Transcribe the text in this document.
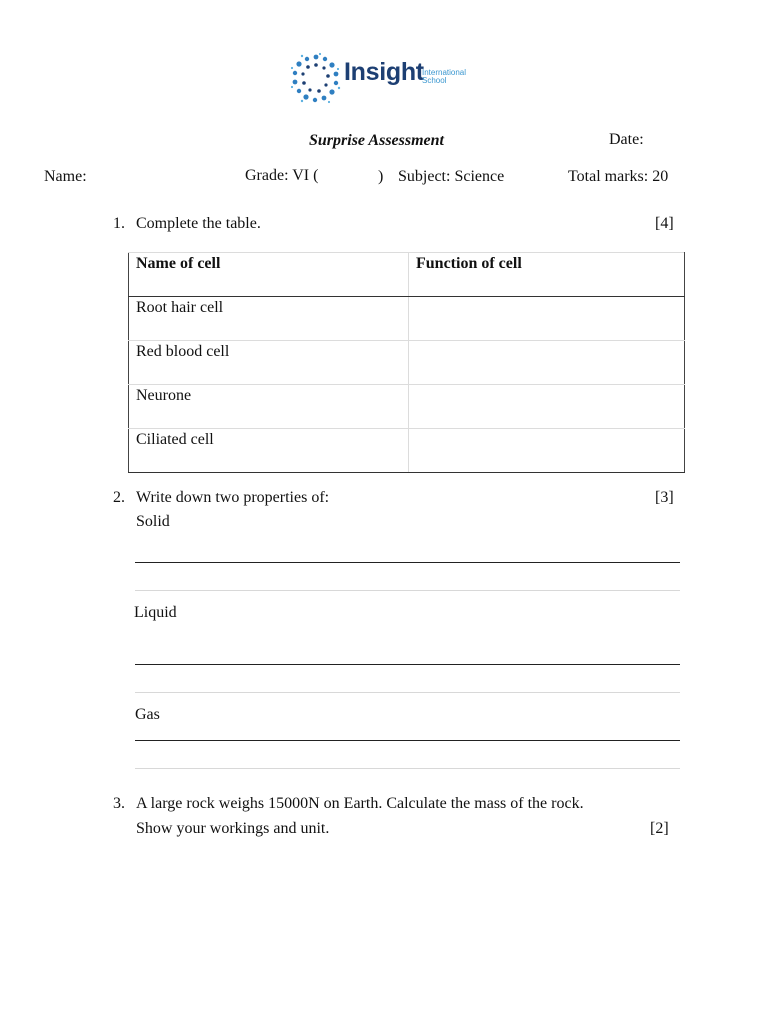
Insight
International
School
Surprise Assessment	Date:
Name:	Grade: VI (	) Subject: Science	Total marks: 20
1. Complete the table.	[4]
Name of cell	Function of cell
Root hair cell	
Red blood cell	
Neurone	
Ciliated cell	
2. Write down two properties of:	[3]
Solid
Liquid
Gas
3. A large rock weighs 15000N on Earth. Calculate the mass of the rock.
Show your workings and unit.	[2]
